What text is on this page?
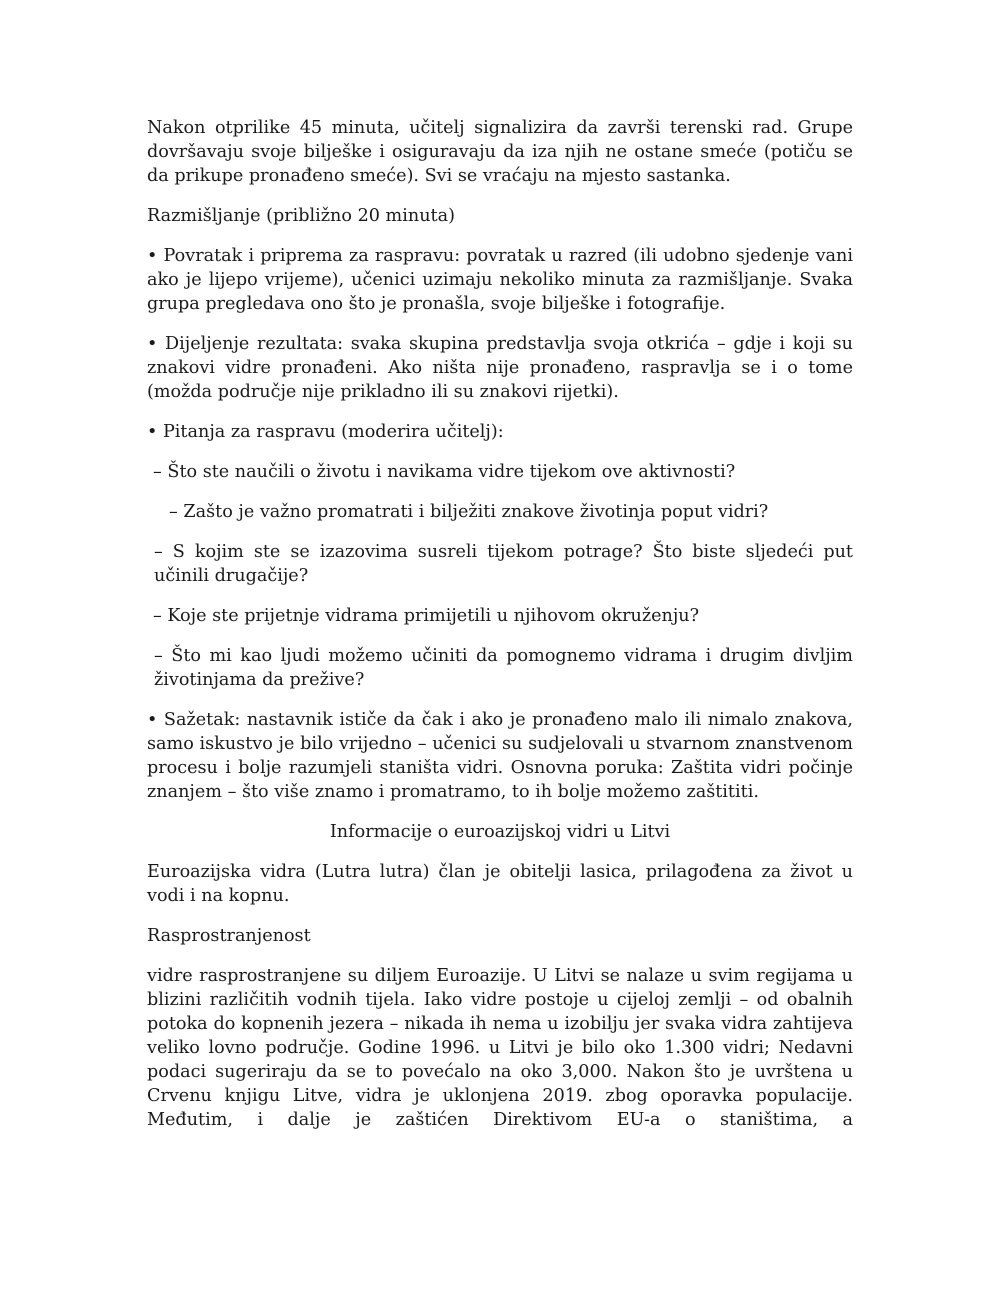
Nakon otprilike 45 minuta, učitelj signalizira da završi terenski rad. Grupe dovršavaju svoje bilješke i osiguravaju da iza njih ne ostane smeće (potiču se da prikupe pronađeno smeće). Svi se vraćaju na mjesto sastanka.

Razmišljanje (približno 20 minuta)

• Povratak i priprema za raspravu: povratak u razred (ili udobno sjedenje vani ako je lijepo vrijeme), učenici uzimaju nekoliko minuta za razmišljanje. Svaka grupa pregledava ono što je pronašla, svoje bilješke i fotografije.

• Dijeljenje rezultata: svaka skupina predstavlja svoja otkrića – gdje i koji su znakovi vidre pronađeni. Ako ništa nije pronađeno, raspravlja se i o tome (možda područje nije prikladno ili su znakovi rijetki).

• Pitanja za raspravu (moderira učitelj):

– Što ste naučili o životu i navikama vidre tijekom ove aktivnosti?

– Zašto je važno promatrati i bilježiti znakove životinja poput vidri?

– S kojim ste se izazovima susreli tijekom potrage? Što biste sljedeći put učinili drugačije?

– Koje ste prijetnje vidrama primijetili u njihovom okruženju?

– Što mi kao ljudi možemo učiniti da pomognemo vidrama i drugim divljim životinjama da prežive?

• Sažetak: nastavnik ističe da čak i ako je pronađeno malo ili nimalo znakova, samo iskustvo je bilo vrijedno – učenici su sudjelovali u stvarnom znanstvenom procesu i bolje razumjeli staništa vidri. Osnovna poruka: Zaštita vidri počinje znanjem – što više znamo i promatramo, to ih bolje možemo zaštititi.

Informacije o euroazijskoj vidri u Litvi

Euroazijska vidra (Lutra lutra) član je obitelji lasica, prilagođena za život u vodi i na kopnu.

Rasprostranjenost

vidre rasprostranjene su diljem Euroazije. U Litvi se nalaze u svim regijama u blizini različitih vodnih tijela. Iako vidre postoje u cijeloj zemlji – od obalnih potoka do kopnenih jezera – nikada ih nema u izobilju jer svaka vidra zahtijeva veliko lovno područje. Godine 1996. u Litvi je bilo oko 1.300 vidri; Nedavni podaci sugeriraju da se to povećalo na oko 3,000. Nakon što je uvrštena u Crvenu knjigu Litve, vidra je uklonjena 2019. zbog oporavka populacije. Međutim, i dalje je zaštićen Direktivom EU-a o staništima, a
